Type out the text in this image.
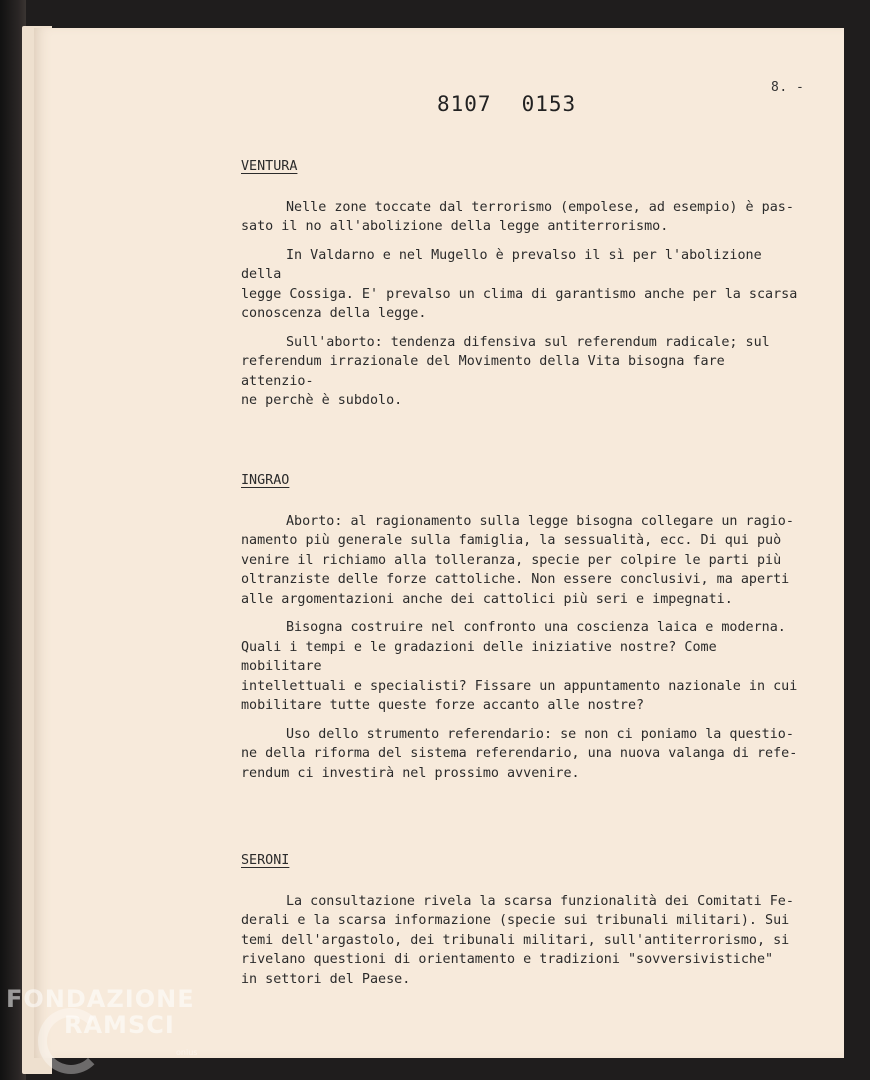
8. -
8107 0153
VENTURA

Nelle zone toccate dal terrorismo (empolese, ad esempio) è pas-
sato il no all'abolizione della legge antiterrorismo.

In Valdarno e nel Mugello è prevalso il sì per l'abolizione della
legge Cossiga. E' prevalso un clima di garantismo anche per la scarsa
conoscenza della legge.

Sull'aborto: tendenza difensiva sul referendum radicale; sul
referendum irrazionale del Movimento della Vita bisogna fare attenzio-
ne perchè è subdolo.

INGRAO

Aborto: al ragionamento sulla legge bisogna collegare un ragio-
namento più generale sulla famiglia, la sessualità, ecc. Di qui può
venire il richiamo alla tolleranza, specie per colpire le parti più
oltranziste delle forze cattoliche. Non essere conclusivi, ma aperti
alle argomentazioni anche dei cattolici più seri e impegnati.

Bisogna costruire nel confronto una coscienza laica e moderna.
Quali i tempi e le gradazioni delle iniziative nostre? Come mobilitare
intellettuali e specialisti? Fissare un appuntamento nazionale in cui
mobilitare tutte queste forze accanto alle nostre?

Uso dello strumento referendario: se non ci poniamo la questio-
ne della riforma del sistema referendario, una nuova valanga di refe-
rendum ci investirà nel prossimo avvenire.

SERONI

La consultazione rivela la scarsa funzionalità dei Comitati Fe-
derali e la scarsa informazione (specie sui tribunali militari). Sui
temi dell'argastolo, dei tribunali militari, sull'antiterrorismo, si
rivelano questioni di orientamento e tradizioni "sovversivistiche"
in settori del Paese.

FONDAZIONE
RAMSCI
onlus
